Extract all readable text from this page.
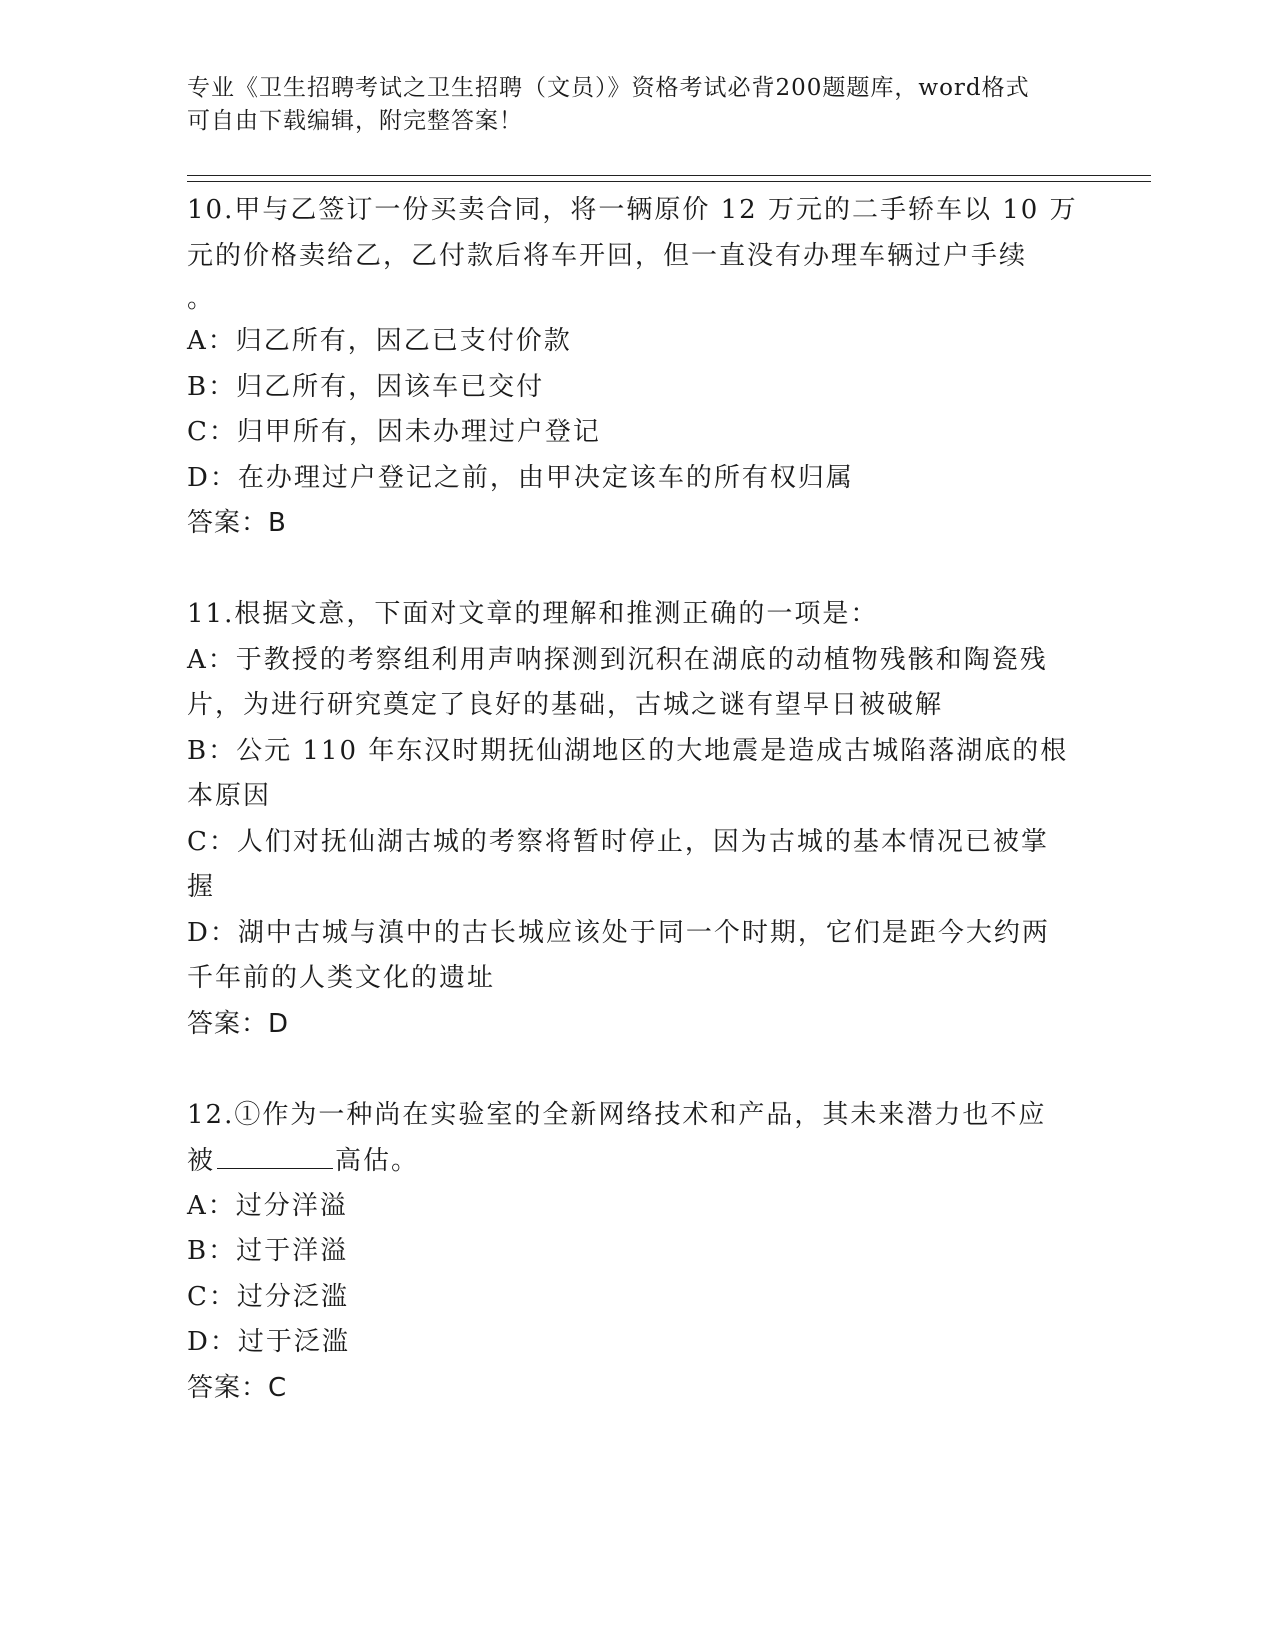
专业《卫生招聘考试之卫生招聘（文员）》资格考试必背200题题库，word格式
可自由下载编辑，附完整答案！
10.甲与乙签订一份买卖合同，将一辆原价 12 万元的二手轿车以 10 万
元的价格卖给乙，乙付款后将车开回，但一直没有办理车辆过户手续
。
A：归乙所有，因乙已支付价款
B：归乙所有，因该车已交付
C：归甲所有，因未办理过户登记
D：在办理过户登记之前，由甲决定该车的所有权归属
答案：B
11.根据文意，下面对文章的理解和推测正确的一项是：
A：于教授的考察组利用声呐探测到沉积在湖底的动植物残骸和陶瓷残
片，为进行研究奠定了良好的基础，古城之谜有望早日被破解
B：公元 110 年东汉时期抚仙湖地区的大地震是造成古城陷落湖底的根
本原因
C：人们对抚仙湖古城的考察将暂时停止，因为古城的基本情况已被掌
握
D：湖中古城与滇中的古长城应该处于同一个时期，它们是距今大约两
千年前的人类文化的遗址
答案：D
12.①作为一种尚在实验室的全新网络技术和产品，其未来潜力也不应
被	高估。
A：过分洋溢
B：过于洋溢
C：过分泛滥
D：过于泛滥
答案：C
